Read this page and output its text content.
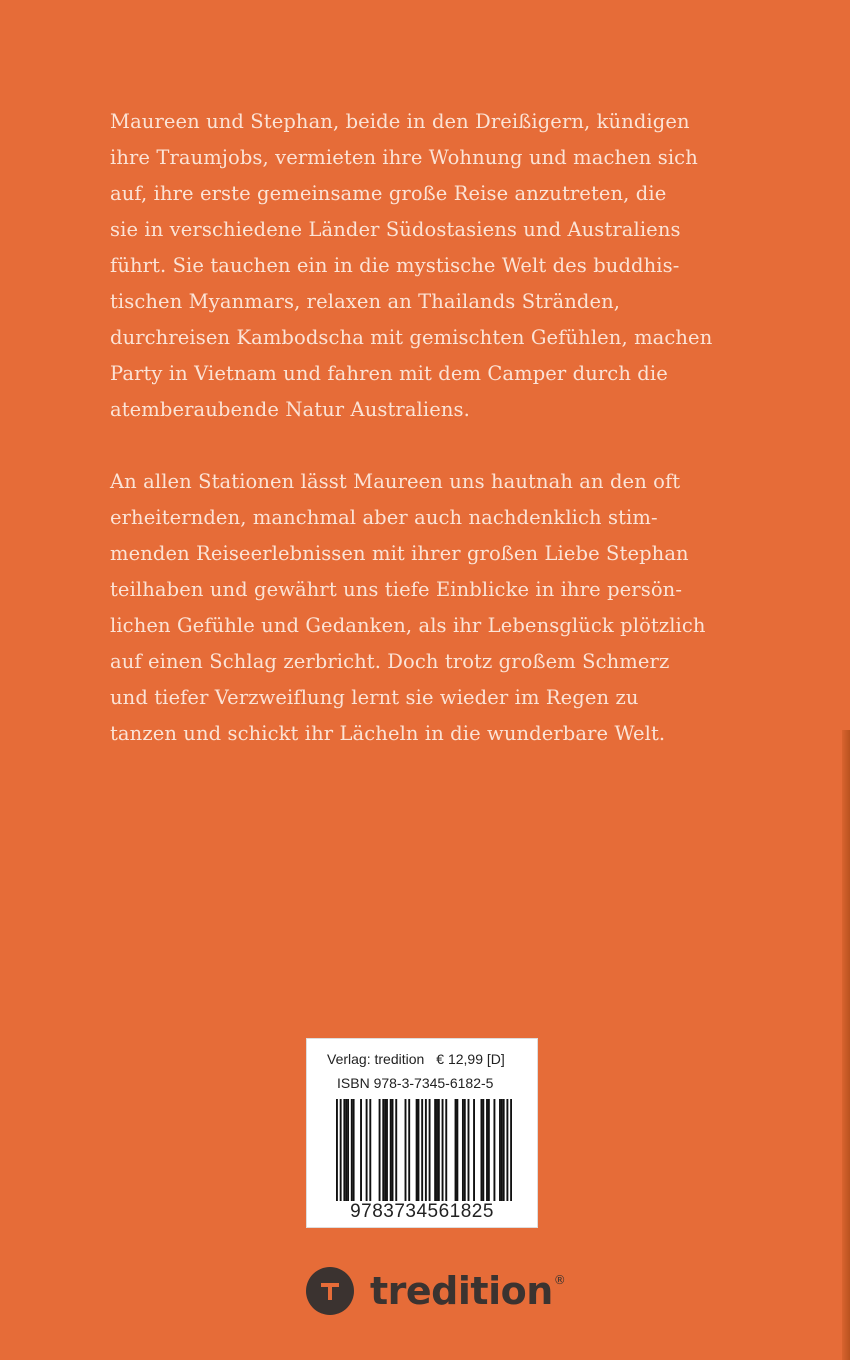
Maureen und Stephan, beide in den Dreißigern, kündigen
ihre Traumjobs, vermieten ihre Wohnung und machen sich
auf, ihre erste gemeinsame große Reise anzutreten, die
sie in verschiedene Länder Südostasiens und Australiens
führt. Sie tauchen ein in die mystische Welt des buddhis-
tischen Myanmars, relaxen an Thailands Stränden,
durchreisen Kambodscha mit gemischten Gefühlen, machen
Party in Vietnam und fahren mit dem Camper durch die
atemberaubende Natur Australiens.
An allen Stationen lässt Maureen uns hautnah an den oft
erheiternden, manchmal aber auch nachdenklich stim-
menden Reiseerlebnissen mit ihrer großen Liebe Stephan
teilhaben und gewährt uns tiefe Einblicke in ihre persön-
lichen Gefühle und Gedanken, als ihr Lebensglück plötzlich
auf einen Schlag zerbricht. Doch trotz großem Schmerz
und tiefer Verzweiflung lernt sie wieder im Regen zu
tanzen und schickt ihr Lächeln in die wunderbare Welt.
Verlag: tredition € 12,99 [D]
ISBN 978-3-7345-6182-5
9783734561825
tredition®
